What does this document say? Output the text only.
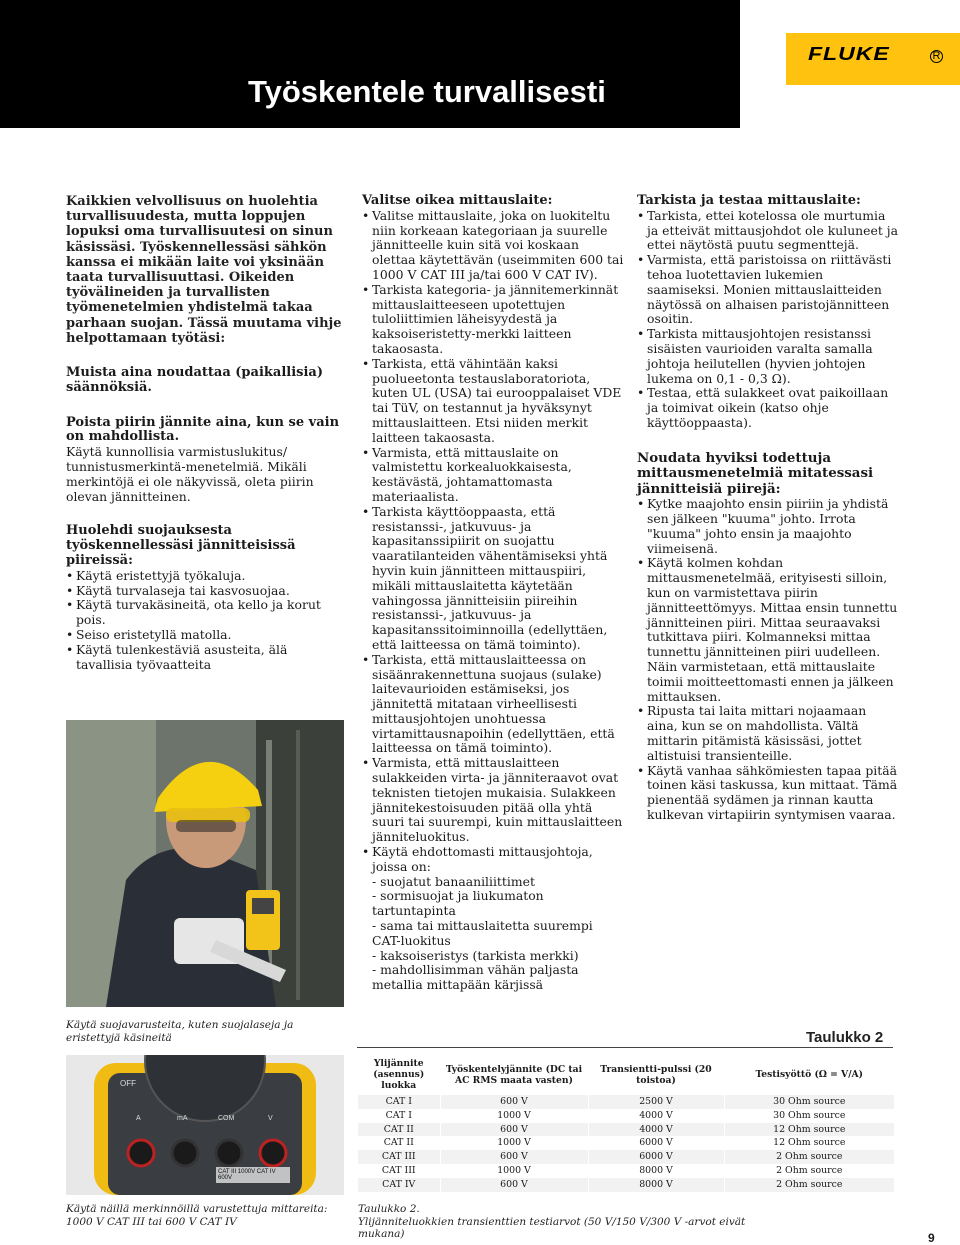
Työskentele turvallisesti
FLUKE	R

Kaikkien velvollisuus on huolehtia turvallisuudesta, mutta loppujen lopuksi oma turvallisuutesi on sinun käsissäsi. Työskennellessäsi sähkön kanssa ei mikään laite voi yksinään taata turvallisuuttasi. Oikeiden työvälineiden ja turvallisten työmenetelmien yhdistelmä takaa parhaan suojan. Tässä muutama vihje helpottamaan työtäsi:

Muista aina noudattaa (paikallisia) säännöksiä.

Poista piirin jännite aina, kun se vain on mahdollista.

Käytä kunnollisia varmistuslukitus/ tunnistusmerkintä-menetelmiä. Mikäli merkintöjä ei ole näkyvissä, oleta piirin olevan jännitteinen.

Huolehdi suojauksesta työskennellessäsi jännitteisissä piireissä:

• Käytä eristettyjä työkaluja.
• Käytä turvalaseja tai kasvosuojaa.
• Käytä turvakäsineitä, ota kello ja korut pois.
• Seiso eristetyllä matolla.
• Käytä tulenkestäviä asusteita, älä tavallisia työvaatteita

Valitse oikea mittauslaite:

• Valitse mittauslaite, joka on luokiteltu niin korkeaan kategoriaan ja suurelle jännitteelle kuin sitä voi koskaan olettaa käytettävän (useimmiten 600 tai 1000 V CAT III ja/tai 600 V CAT IV).
• Tarkista kategoria- ja jännitemerkinnät mittauslaitteeseen upotettujen tuloliittimien läheisyydestä ja kaksoiseristetty-merkki laitteen takaosasta.
• Tarkista, että vähintään kaksi puolueetonta testauslaboratoriota, kuten UL (USA) tai eurooppalaiset VDE tai TüV, on testannut ja hyväksynyt mittauslaitteen. Etsi niiden merkit laitteen takaosasta.
• Varmista, että mittauslaite on valmistettu korkealuokkaisesta, kestävästä, johtamattomasta materiaalista.
• Tarkista käyttöoppaasta, että resistanssi-, jatkuvuus- ja kapasitanssipiirit on suojattu vaaratilanteiden vähentämiseksi yhtä hyvin kuin jännitteen mittauspiiri, mikäli mittauslaitetta käytetään vahingossa jännitteisiin piireihin resistanssi-, jatkuvuus- ja kapasitanssitoiminnoilla (edellyttäen, että laitteessa on tämä toiminto).
• Tarkista, että mittauslaitteessa on sisäänrakennettuna suojaus (sulake) laitevaurioiden estämiseksi, jos jännitettä mitataan virheellisesti mittausjohtojen unohtuessa virtamittausnapoihin (edellyttäen, että laitteessa on tämä toiminto).
• Varmista, että mittauslaitteen sulakkeiden virta- ja jänniteraavot ovat teknisten tietojen mukaisia. Sulakkeen jännitekestoisuuden pitää olla yhtä suuri tai suurempi, kuin mittauslaitteen jänniteluokitus.
• Käytä ehdottomasti mittausjohtoja, joissa on:

- suojatut banaaniliittimet

- sormisuojat ja liukumaton tartuntapinta

- sama tai mittauslaitetta suurempi CAT-luokitus

- kaksoiseristys (tarkista merkki)

- mahdollisimman vähän paljasta metallia mittapään kärjissä

Tarkista ja testaa mittauslaite:

• Tarkista, ettei kotelossa ole murtumia ja etteivät mittausjohdot ole kuluneet ja ettei näytöstä puutu segmenttejä.
• Varmista, että paristoissa on riittävästi tehoa luotettavien lukemien saamiseksi. Monien mittauslaitteiden näytössä on alhaisen paristojännitteen osoitin.
• Tarkista mittausjohtojen resistanssi sisäisten vaurioiden varalta samalla johtoja heilutellen (hyvien johtojen lukema on 0,1 - 0,3 Ω).
• Testaa, että sulakkeet ovat paikoillaan ja toimivat oikein (katso ohje käyttöoppaasta).

Noudata hyviksi todettuja mittausmenetelmiä mitatessasi jännitteisiä piirejä:

• Kytke maajohto ensin piiriin ja yhdistä sen jälkeen "kuuma" johto. Irrota "kuuma" johto ensin ja maajohto viimeisenä.
• Käytä kolmen kohdan mittausmenetelmää, erityisesti silloin, kun on varmistettava piirin jännitteettömyys. Mittaa ensin tunnettu jännitteinen piiri. Mittaa seuraavaksi tutkittava piiri. Kolmanneksi mittaa tunnettu jännitteinen piiri uudelleen. Näin varmistetaan, että mittauslaite toimii moitteettomasti ennen ja jälkeen mittauksen.
• Ripusta tai laita mittari nojaamaan aina, kun se on mahdollista. Vältä mittarin pitämistä käsissäsi, jottet altistuisi transienteille.
• Käytä vanhaa sähkömiesten tapaa pitää toinen käsi taskussa, kun mittaat. Tämä pienentää sydämen ja rinnan kautta kulkevan virtapiirin syntymisen vaaraa.
Käytä suojavarusteita, kuten suojalaseja ja eristettyjä käsineitä
OFF
A	mA	COM	V
CAT III 1000V CAT IV 600V
Käytä näillä merkinnöillä varustettuja mittareita: 1000 V CAT III tai 600 V CAT IV
Taulukko 2
Ylijännite (asennus) luokka	Työskentelyjännite (DC tai AC RMS maata vasten)	Transientti-pulssi (20 toistoa)	Testisyöttö (Ω = V/A)
CAT I	600 V	2500 V	30 Ohm source
CAT I	1000 V	4000 V	30 Ohm source
CAT II	600 V	4000 V	12 Ohm source
CAT II	1000 V	6000 V	12 Ohm source
CAT III	600 V	6000 V	2 Ohm source
CAT III	1000 V	8000 V	2 Ohm source
CAT IV	600 V	8000 V	2 Ohm source
Taulukko 2.
Ylijänniteluokkien transienttien testiarvot (50 V/150 V/300 V -arvot eivät mukana)	9
